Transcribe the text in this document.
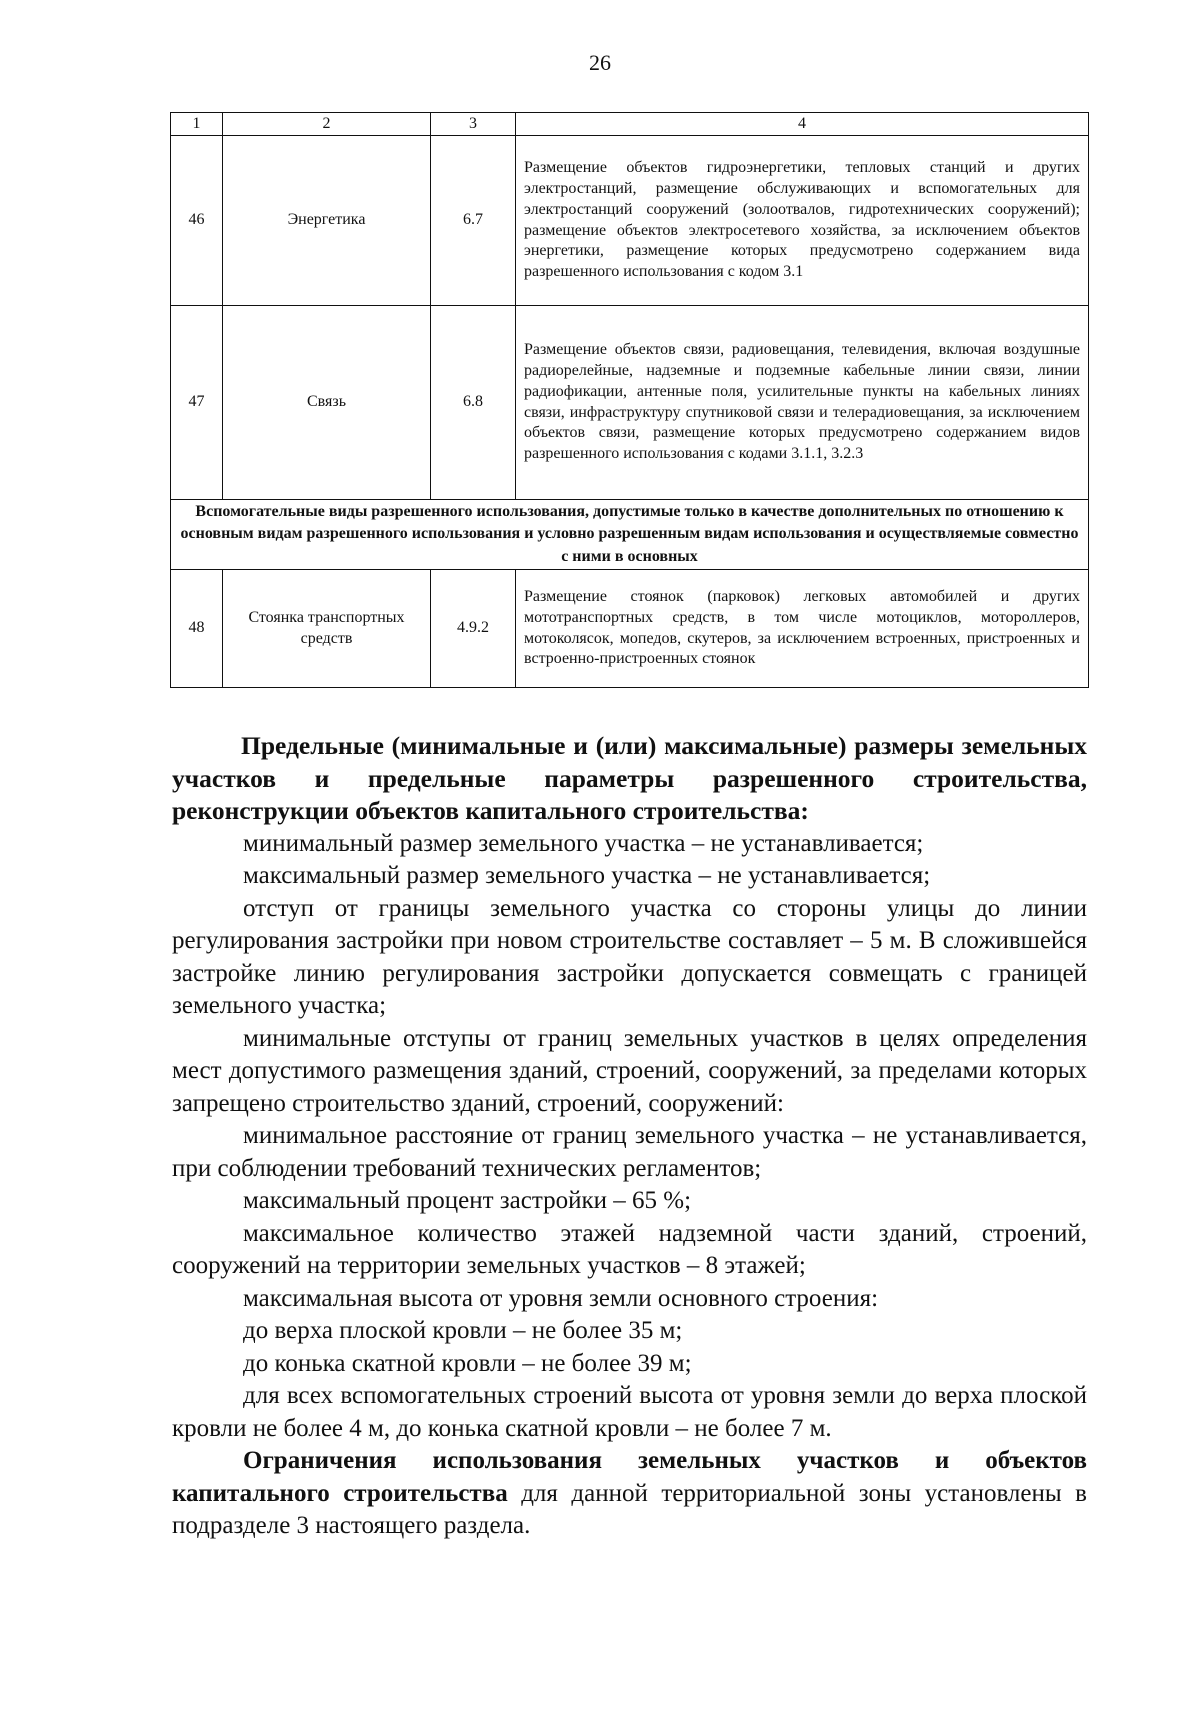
26
1	2	3	4
46	Энергетика	6.7	Размещение объектов гидроэнергетики, тепловых станций и других электростанций, размещение обслуживающих и вспомогательных для электростанций сооружений (золоотвалов, гидротехнических сооружений); размещение объектов электросетевого хозяйства, за исключением объектов энергетики, размещение которых предусмотрено содержанием вида разрешенного использования с кодом 3.1
47	Связь	6.8	Размещение объектов связи, радиовещания, телевидения, включая воздушные радиорелейные, надземные и подземные кабельные линии связи, линии радиофикации, антенные поля, усилительные пункты на кабельных линиях связи, инфраструктуру спутниковой связи и телерадиовещания, за исключением объектов связи, размещение которых предусмотрено содержанием видов разрешенного использования с кодами 3.1.1, 3.2.3
Вспомогательные виды разрешенного использования, допустимые только в качестве дополнительных по отношению к основным видам разрешенного использования и условно разрешенным видам использования и осуществляемые совместно с ними в основных			
48	Стоянка транспортных средств	4.9.2	Размещение стоянок (парковок) легковых автомобилей и других мототранспортных средств, в том числе мотоциклов, мотороллеров, мотоколясок, мопедов, скутеров, за исключением встроенных, пристроенных и встроенно-пристроенных стоянок

Предельные (минимальные и (или) максимальные) размеры земельных участков и предельные параметры разрешенного строительства, реконструкции объектов капитального строительства:

минимальный размер земельного участка – не устанавливается;

максимальный размер земельного участка – не устанавливается;

отступ от границы земельного участка со стороны улицы до линии регулирования застройки при новом строительстве составляет – 5 м. В сложившейся застройке линию регулирования застройки допускается совмещать с границей земельного участка;

минимальные отступы от границ земельных участков в целях определения мест допустимого размещения зданий, строений, сооружений, за пределами которых запрещено строительство зданий, строений, сооружений:

минимальное расстояние от границ земельного участка – не устанавливается, при соблюдении требований технических регламентов;

максимальный процент застройки – 65 %;

максимальное количество этажей надземной части зданий, строений, сооружений на территории земельных участков – 8 этажей;

максимальная высота от уровня земли основного строения:

до верха плоской кровли – не более 35 м;

до конька скатной кровли – не более 39 м;

для всех вспомогательных строений высота от уровня земли до верха плоской кровли не более 4 м, до конька скатной кровли – не более 7 м.

Ограничения использования земельных участков и объектов капитального строительства для данной территориальной зоны установлены в подразделе 3 настоящего раздела.
